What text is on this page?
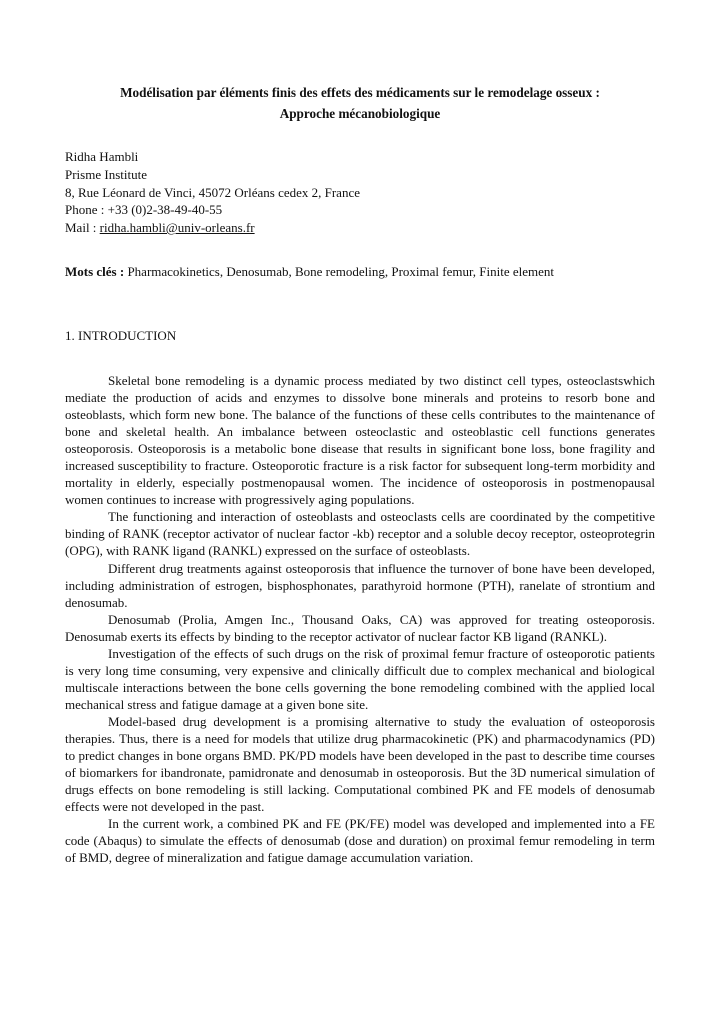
Modélisation par éléments finis des effets des médicaments sur le remodelage osseux :
Approche mécanobiologique
Ridha Hambli
Prisme Institute
8, Rue Léonard de Vinci, 45072 Orléans cedex 2, France
Phone : +33 (0)2-38-49-40-55
Mail : ridha.hambli@univ-orleans.fr
Mots clés : Pharmacokinetics, Denosumab, Bone remodeling, Proximal femur, Finite element
1. INTRODUCTION

Skeletal bone remodeling is a dynamic process mediated by two distinct cell types, osteoclastswhich mediate the production of acids and enzymes to dissolve bone minerals and proteins to resorb bone and osteoblasts, which form new bone. The balance of the functions of these cells contributes to the maintenance of bone and skeletal health. An imbalance between osteoclastic and osteoblastic cell functions generates osteoporosis. Osteoporosis is a metabolic bone disease that results in significant bone loss, bone fragility and increased susceptibility to fracture. Osteoporotic fracture is a risk factor for subsequent long-term morbidity and mortality in elderly, especially postmenopausal women. The incidence of osteoporosis in postmenopausal women continues to increase with progressively aging populations.

The functioning and interaction of osteoblasts and osteoclasts cells are coordinated by the competitive binding of RANK (receptor activator of nuclear factor -kb) receptor and a soluble decoy receptor, osteoprotegrin (OPG), with RANK ligand (RANKL) expressed on the surface of osteoblasts.

Different drug treatments against osteoporosis that influence the turnover of bone have been developed, including administration of estrogen, bisphosphonates, parathyroid hormone (PTH), ranelate of strontium and denosumab.

Denosumab (Prolia, Amgen Inc., Thousand Oaks, CA) was approved for treating osteoporosis. Denosumab exerts its effects by binding to the receptor activator of nuclear factor KB ligand (RANKL).

Investigation of the effects of such drugs on the risk of proximal femur fracture of osteoporotic patients is very long time consuming, very expensive and clinically difficult due to complex mechanical and biological multiscale interactions between the bone cells governing the bone remodeling combined with the applied local mechanical stress and fatigue damage at a given bone site.

Model-based drug development is a promising alternative to study the evaluation of osteoporosis therapies. Thus, there is a need for models that utilize drug pharmacokinetic (PK) and pharmacodynamics (PD) to predict changes in bone organs BMD. PK/PD models have been developed in the past to describe time courses of biomarkers for ibandronate, pamidronate and denosumab in osteoporosis. But the 3D numerical simulation of drugs effects on bone remodeling is still lacking. Computational combined PK and FE models of denosumab effects were not developed in the past.

In the current work, a combined PK and FE (PK/FE) model was developed and implemented into a FE code (Abaqus) to simulate the effects of denosumab (dose and duration) on proximal femur remodeling in term of BMD, degree of mineralization and fatigue damage accumulation variation.
